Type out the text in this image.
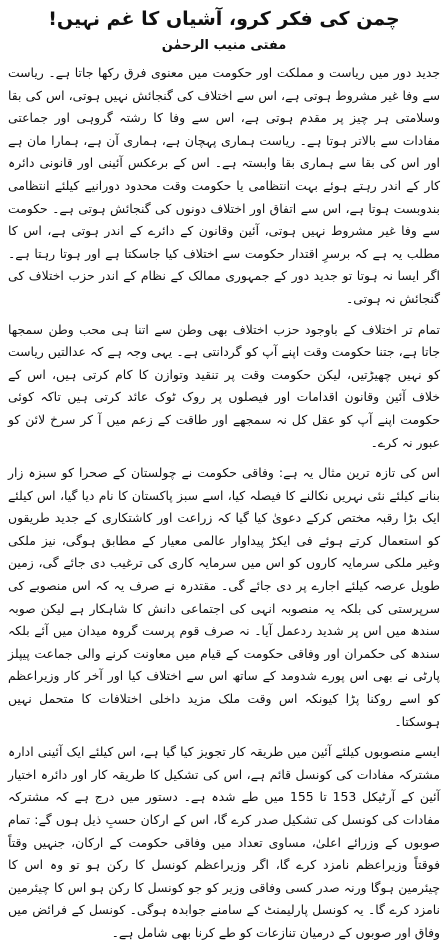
چمن کی فکر کرو، آشیاں کا غم نہیں!
مفتی منیب الرحمٰن

جدید دور میں ریاست و مملکت اور حکومت میں معنوی فرق رکھا جاتا ہے۔ ریاست سے وفا غیر مشروط ہوتی ہے، اس سے اختلاف کی گنجائش نہیں ہوتی، اس کی بقا وسلامتی ہر چیز پر مقدم ہوتی ہے، اس سے وفا کا رشتہ گروہی اور جماعتی مفادات سے بالاتر ہوتا ہے۔ ریاست ہماری پہچان ہے، ہماری آن ہے، ہمارا مان ہے اور اس کی بقا سے ہماری بقا وابستہ ہے۔ اس کے برعکس آئینی اور قانونی دائرہ کار کے اندر رہتے ہوئے بہت انتظامی یا حکومت وقت محدود دورانیے کیلئے انتظامی بندوبست ہوتا ہے، اس سے اتفاق اور اختلاف دونوں کی گنجائش ہوتی ہے۔ حکومت سے وفا غیر مشروط نہیں ہوتی، آئین وقانون کے دائرے کے اندر ہوتی ہے، اس کا مطلب یہ ہے کہ برسرِ اقتدار حکومت سے اختلاف کیا جاسکتا ہے اور ہوتا رہتا ہے۔ اگر ایسا نہ ہوتا تو جدید دور کے جمہوری ممالک کے نظام کے اندر حزب اختلاف کی گنجائش نہ ہوتی۔

تمام تر اختلاف کے باوجود حزب اختلاف بھی وطن سے اتنا ہی محب وطن سمجھا جاتا ہے، جتنا حکومت وقت اپنے آپ کو گردانتی ہے۔ یہی وجہ ہے کہ عدالتیں ریاست کو نہیں چھیڑتیں، لیکن حکومت وقت پر تنقید وتوازن کا کام کرتی ہیں، اس کے خلاف آئین وقانون اقدامات اور فیصلوں پر روک ٹوک عائد کرتی ہیں تاکہ کوئی حکومت اپنے آپ کو عقل کل نہ سمجھے اور طاقت کے زعم میں آ کر سرخ لائن کو عبور نہ کرے۔

اس کی تازہ ترین مثال یہ ہے: وفاقی حکومت نے چولستان کے صحرا کو سبزہ زار بنانے کیلئے نئی نہریں نکالنے کا فیصلہ کیا، اسے سبز پاکستان کا نام دیا گیا، اس کیلئے ایک بڑا رقبہ مختص کرکے دعویٰ کیا گیا کہ زراعت اور کاشتکاری کے جدید طریقوں کو استعمال کرتے ہوئے فی ایکڑ پیداوار عالمی معیار کے مطابق ہوگی، نیز ملکی وغیر ملکی سرمایہ کاروں کو اس میں سرمایہ کاری کی ترغیب دی جائے گی، زمین طویل عرصہ کیلئے اجارے پر دی جائے گی۔ مقتدرہ نے صرف یہ کہ اس منصوبے کی سرپرستی کی بلکہ یہ منصوبہ انہی کی اجتماعی دانش کا شاہکار ہے لیکن صوبہ سندھ میں اس پر شدید ردعمل آیا۔ نہ صرف قوم پرست گروہ میدان میں آئے بلکہ سندھ کی حکمران اور وفاقی حکومت کے قیام میں معاونت کرنے والی جماعت پیپلز پارٹی نے بھی اس پورے شدومد کے ساتھ اس سے اختلاف کیا اور آخر کار وزیراعظم کو اسے روکنا پڑا کیونکہ اس وقت ملک مزید داخلی اختلافات کا متحمل نہیں ہوسکتا۔

ایسے منصوبوں کیلئے آئین میں طریقہ کار تجویز کیا گیا ہے، اس کیلئے ایک آئینی ادارہ مشترکہ مفادات کی کونسل قائم ہے، اس کی تشکیل کا طریقہ کار اور دائرہ اختیار آئین کے آرٹیکل 153 تا 155 میں طے شدہ ہے۔ دستور میں درج ہے کہ مشترکہ مفادات کی کونسل کی تشکیل صدر کرے گا، اس کے ارکان حسبِ ذیل ہوں گے: تمام صوبوں کے وزرائے اعلیٰ، مساوی تعداد میں وفاقی حکومت کے ارکان، جنہیں وقتاً فوقتاً وزیراعظم نامزد کرے گا، اگر وزیراعظم کونسل کا رکن ہو تو وہ اس کا چیئرمین ہوگا ورنہ صدر کسی وفاقی وزیر کو جو کونسل کا رکن ہو اس کا چیئرمین نامزد کرے گا۔ یہ کونسل پارلیمنٹ کے سامنے جوابدہ ہوگی۔ کونسل کے فرائض میں وفاق اور صوبوں کے درمیان تنازعات کو طے کرنا بھی شامل ہے۔
